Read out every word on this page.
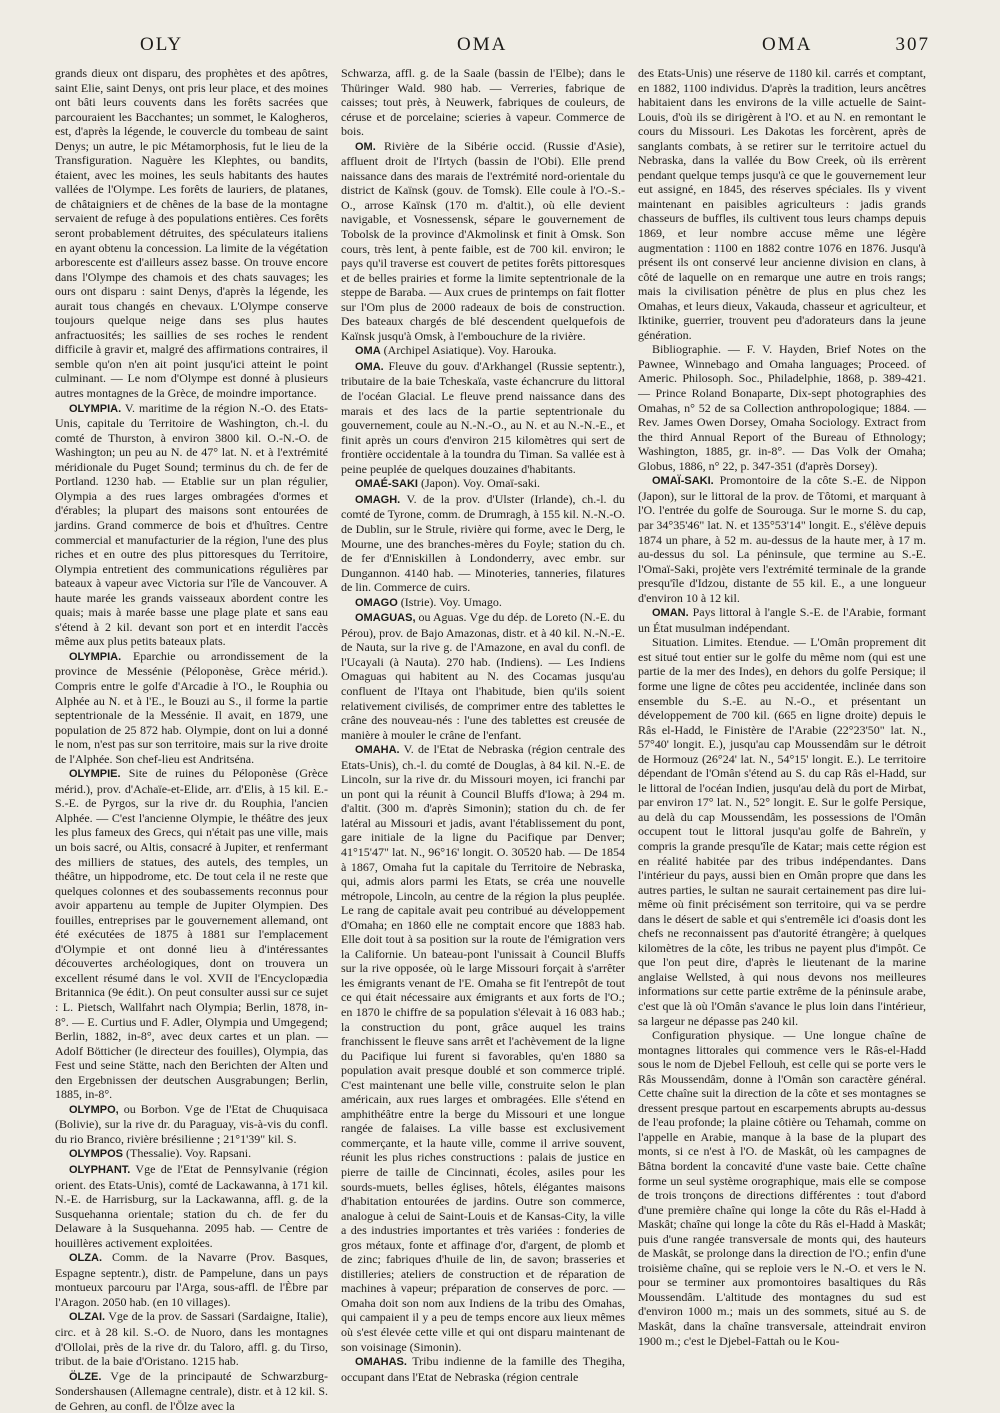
OLY	OMA	OMA	307

grands dieux ont disparu, des prophètes et des apôtres, saint Elie, saint Denys, ont pris leur place, et des moines ont bâti leurs couvents dans les forêts sacrées que parcouraient les Bacchantes; un sommet, le Kalogheros, est, d'après la légende, le couvercle du tombeau de saint Denys; un autre, le pic Métamorphosis, fut le lieu de la Transfiguration. Naguère les Klephtes, ou bandits, étaient, avec les moines, les seuls habitants des hautes vallées de l'Olympe. Les forêts de lauriers, de platanes, de châtaigniers et de chênes de la base de la montagne servaient de refuge à des populations entières. Ces forêts seront probablement détruites, des spéculateurs italiens en ayant obtenu la concession. La limite de la végétation arborescente est d'ailleurs assez basse. On trouve encore dans l'Olympe des chamois et des chats sauvages; les ours ont disparu : saint Denys, d'après la légende, les aurait tous changés en chevaux. L'Olympe conserve toujours quelque neige dans ses plus hautes anfractuosités; les saillies de ses roches le rendent difficile à gravir et, malgré des affirmations contraires, il semble qu'on n'en ait point jusqu'ici atteint le point culminant. — Le nom d'Olympe est donné à plusieurs autres montagnes de la Grèce, de moindre importance.

OLYMPIA. V. maritime de la région N.-O. des Etats-Unis, capitale du Territoire de Washington, ch.-l. du comté de Thurston, à environ 3800 kil. O.-N.-O. de Washington; un peu au N. de 47° lat. N. et à l'extrémité méridionale du Puget Sound; terminus du ch. de fer de Portland. 1230 hab. — Etablie sur un plan régulier, Olympia a des rues larges ombragées d'ormes et d'érables; la plupart des maisons sont entourées de jardins. Grand commerce de bois et d'huîtres. Centre commercial et manufacturier de la région, l'une des plus riches et en outre des plus pittoresques du Territoire, Olympia entretient des communications régulières par bateaux à vapeur avec Victoria sur l'île de Vancouver. A haute marée les grands vaisseaux abordent contre les quais; mais à marée basse une plage plate et sans eau s'étend à 2 kil. devant son port et en interdit l'accès même aux plus petits bateaux plats.

OLYMPIA. Eparchie ou arrondissement de la province de Messénie (Péloponèse, Grèce mérid.). Compris entre le golfe d'Arcadie à l'O., le Rouphia ou Alphée au N. et à l'E., le Bouzi au S., il forme la partie septentrionale de la Messénie. Il avait, en 1879, une population de 25 872 hab. Olympie, dont on lui a donné le nom, n'est pas sur son territoire, mais sur la rive droite de l'Alphée. Son chef-lieu est Andritséna.

OLYMPIE. Site de ruines du Péloponèse (Grèce mérid.), prov. d'Achaïe-et-Elide, arr. d'Elis, à 15 kil. E.-S.-E. de Pyrgos, sur la rive dr. du Rouphia, l'ancien Alphée. — C'est l'ancienne Olympie, le théâtre des jeux les plus fameux des Grecs, qui n'était pas une ville, mais un bois sacré, ou Altis, consacré à Jupiter, et renfermant des milliers de statues, des autels, des temples, un théâtre, un hippodrome, etc. De tout cela il ne reste que quelques colonnes et des soubassements reconnus pour avoir appartenu au temple de Jupiter Olympien. Des fouilles, entreprises par le gouvernement allemand, ont été exécutées de 1875 à 1881 sur l'emplacement d'Olympie et ont donné lieu à d'intéressantes découvertes archéologiques, dont on trouvera un excellent résumé dans le vol. XVII de l'Encyclopædia Britannica (9e édit.). On peut consulter aussi sur ce sujet : L. Pietsch, Wallfahrt nach Olympia; Berlin, 1878, in-8°. — E. Curtius und F. Adler, Olympia und Umgegend; Berlin, 1882, in-8°, avec deux cartes et un plan. — Adolf Bötticher (le directeur des fouilles), Olympia, das Fest und seine Stätte, nach den Berichten der Alten und den Ergebnissen der deutschen Ausgrabungen; Berlin, 1885, in-8°.

OLYMPO, ou Borbon. Vge de l'Etat de Chuquisaca (Bolivie), sur la rive dr. du Paraguay, vis-à-vis du confl. du rio Branco, rivière brésilienne ; 21°1'39" kil. S.

OLYMPOS (Thessalie). Voy. Rapsani.

OLYPHANT. Vge de l'Etat de Pennsylvanie (région orient. des Etats-Unis), comté de Lackawanna, à 171 kil. N.-E. de Harrisburg, sur la Lackawanna, affl. g. de la Susquehanna orientale; station du ch. de fer du Delaware à la Susquehanna. 2095 hab. — Centre de houillères activement exploitées.

OLZA. Comm. de la Navarre (Prov. Basques, Espagne septentr.), distr. de Pampelune, dans un pays montueux parcouru par l'Arga, sous-affl. de l'Èbre par l'Aragon. 2050 hab. (en 10 villages).

OLZAI. Vge de la prov. de Sassari (Sardaigne, Italie), circ. et à 28 kil. S.-O. de Nuoro, dans les montagnes d'Ollolai, près de la rive dr. du Taloro, affl. g. du Tirso, tribut. de la baie d'Oristano. 1215 hab.

ÖLZE. Vge de la principauté de Schwarzburg-Sondershausen (Allemagne centrale), distr. et à 12 kil. S. de Gehren, au confl. de l'Ölze avec la

Schwarza, affl. g. de la Saale (bassin de l'Elbe); dans le Thüringer Wald. 980 hab. — Verreries, fabrique de caisses; tout près, à Neuwerk, fabriques de couleurs, de céruse et de porcelaine; scieries à vapeur. Commerce de bois.

OM. Rivière de la Sibérie occid. (Russie d'Asie), affluent droit de l'Irtych (bassin de l'Obi). Elle prend naissance dans des marais de l'extrémité nord-orientale du district de Kaïnsk (gouv. de Tomsk). Elle coule à l'O.-S.-O., arrose Kaïnsk (170 m. d'altit.), où elle devient navigable, et Vosnessensk, sépare le gouvernement de Tobolsk de la province d'Akmolinsk et finit à Omsk. Son cours, très lent, à pente faible, est de 700 kil. environ; le pays qu'il traverse est couvert de petites forêts pittoresques et de belles prairies et forme la limite septentrionale de la steppe de Baraba. — Aux crues de printemps on fait flotter sur l'Om plus de 2000 radeaux de bois de construction. Des bateaux chargés de blé descendent quelquefois de Kaïnsk jusqu'à Omsk, à l'embouchure de la rivière.

OMA (Archipel Asiatique). Voy. Harouka.

OMA. Fleuve du gouv. d'Arkhangel (Russie septentr.), tributaire de la baie Tcheskaïa, vaste échancrure du littoral de l'océan Glacial. Le fleuve prend naissance dans des marais et des lacs de la partie septentrionale du gouvernement, coule au N.-N.-O., au N. et au N.-N.-E., et finit après un cours d'environ 215 kilomètres qui sert de frontière occidentale à la toundra du Timan. Sa vallée est à peine peuplée de quelques douzaines d'habitants.

OMAÉ-SAKI (Japon). Voy. Omaï-saki.

OMAGH. V. de la prov. d'Ulster (Irlande), ch.-l. du comté de Tyrone, comm. de Drumragh, à 155 kil. N.-N.-O. de Dublin, sur le Strule, rivière qui forme, avec le Derg, le Mourne, une des branches-mères du Foyle; station du ch. de fer d'Enniskillen à Londonderry, avec embr. sur Dungannon. 4140 hab. — Minoteries, tanneries, filatures de lin. Commerce de cuirs.

OMAGO (Istrie). Voy. Umago.

OMAGUAS, ou Aguas. Vge du dép. de Loreto (N.-E. du Pérou), prov. de Bajo Amazonas, distr. et à 40 kil. N.-N.-E. de Nauta, sur la rive g. de l'Amazone, en aval du confl. de l'Ucayali (à Nauta). 270 hab. (Indiens). — Les Indiens Omaguas qui habitent au N. des Cocamas jusqu'au confluent de l'Itaya ont l'habitude, bien qu'ils soient relativement civilisés, de comprimer entre des tablettes le crâne des nouveau-nés : l'une des tablettes est creusée de manière à mouler le crâne de l'enfant.

OMAHA. V. de l'Etat de Nebraska (région centrale des Etats-Unis), ch.-l. du comté de Douglas, à 84 kil. N.-E. de Lincoln, sur la rive dr. du Missouri moyen, ici franchi par un pont qui la réunit à Council Bluffs d'Iowa; à 294 m. d'altit. (300 m. d'après Simonin); station du ch. de fer latéral au Missouri et jadis, avant l'établissement du pont, gare initiale de la ligne du Pacifique par Denver; 41°15'47" lat. N., 96°16' longit. O. 30520 hab. — De 1854 à 1867, Omaha fut la capitale du Territoire de Nebraska, qui, admis alors parmi les Etats, se créa une nouvelle métropole, Lincoln, au centre de la région la plus peuplée. Le rang de capitale avait peu contribué au développement d'Omaha; en 1860 elle ne comptait encore que 1883 hab. Elle doit tout à sa position sur la route de l'émigration vers la Californie. Un bateau-pont l'unissait à Council Bluffs sur la rive opposée, où le large Missouri forçait à s'arrêter les émigrants venant de l'E. Omaha se fit l'entrepôt de tout ce qui était nécessaire aux émigrants et aux forts de l'O.; en 1870 le chiffre de sa population s'élevait à 16 083 hab.; la construction du pont, grâce auquel les trains franchissent le fleuve sans arrêt et l'achèvement de la ligne du Pacifique lui furent si favorables, qu'en 1880 sa population avait presque doublé et son commerce triplé. C'est maintenant une belle ville, construite selon le plan américain, aux rues larges et ombragées. Elle s'étend en amphithéâtre entre la berge du Missouri et une longue rangée de falaises. La ville basse est exclusivement commerçante, et la haute ville, comme il arrive souvent, réunit les plus riches constructions : palais de justice en pierre de taille de Cincinnati, écoles, asiles pour les sourds-muets, belles églises, hôtels, élégantes maisons d'habitation entourées de jardins. Outre son commerce, analogue à celui de Saint-Louis et de Kansas-City, la ville a des industries importantes et très variées : fonderies de gros métaux, fonte et affinage d'or, d'argent, de plomb et de zinc; fabriques d'huile de lin, de savon; brasseries et distilleries; ateliers de construction et de réparation de machines à vapeur; préparation de conserves de porc. — Omaha doit son nom aux Indiens de la tribu des Omahas, qui campaient il y a peu de temps encore aux lieux mêmes où s'est élevée cette ville et qui ont disparu maintenant de son voisinage (Simonin).

OMAHAS. Tribu indienne de la famille des Thegiha, occupant dans l'Etat de Nebraska (région centrale

des Etats-Unis) une réserve de 1180 kil. carrés et comptant, en 1882, 1100 individus. D'après la tradition, leurs ancêtres habitaient dans les environs de la ville actuelle de Saint-Louis, d'où ils se dirigèrent à l'O. et au N. en remontant le cours du Missouri. Les Dakotas les forcèrent, après de sanglants combats, à se retirer sur le territoire actuel du Nebraska, dans la vallée du Bow Creek, où ils errèrent pendant quelque temps jusqu'à ce que le gouvernement leur eut assigné, en 1845, des réserves spéciales. Ils y vivent maintenant en paisibles agriculteurs : jadis grands chasseurs de buffles, ils cultivent tous leurs champs depuis 1869, et leur nombre accuse même une légère augmentation : 1100 en 1882 contre 1076 en 1876. Jusqu'à présent ils ont conservé leur ancienne division en clans, à côté de laquelle on en remarque une autre en trois rangs; mais la civilisation pénètre de plus en plus chez les Omahas, et leurs dieux, Vakauda, chasseur et agriculteur, et Iktinike, guerrier, trouvent peu d'adorateurs dans la jeune génération.

Bibliographie. — F. V. Hayden, Brief Notes on the Pawnee, Winnebago and Omaha languages; Proceed. of Americ. Philosoph. Soc., Philadelphie, 1868, p. 389-421. — Prince Roland Bonaparte, Dix-sept photographies des Omahas, n° 52 de sa Collection anthropologique; 1884. — Rev. James Owen Dorsey, Omaha Sociology. Extract from the third Annual Report of the Bureau of Ethnology; Washington, 1885, gr. in-8°. — Das Volk der Omaha; Globus, 1886, n° 22, p. 347-351 (d'après Dorsey).

OMAÏ-SAKI. Promontoire de la côte S.-E. de Nippon (Japon), sur le littoral de la prov. de Tôtomi, et marquant à l'O. l'entrée du golfe de Sourouga. Sur le morne S. du cap, par 34°35'46" lat. N. et 135°53'14" longit. E., s'élève depuis 1874 un phare, à 52 m. au-dessus de la haute mer, à 17 m. au-dessus du sol. La péninsule, que termine au S.-E. l'Omaï-Saki, projète vers l'extrémité terminale de la grande presqu'île d'Idzou, distante de 55 kil. E., a une longueur d'environ 10 à 12 kil.

OMAN. Pays littoral à l'angle S.-E. de l'Arabie, formant un État musulman indépendant.

Situation. Limites. Etendue. — L'Omân proprement dit est situé tout entier sur le golfe du même nom (qui est une partie de la mer des Indes), en dehors du golfe Persique; il forme une ligne de côtes peu accidentée, inclinée dans son ensemble du S.-E. au N.-O., et présentant un développement de 700 kil. (665 en ligne droite) depuis le Râs el-Hadd, le Finistère de l'Arabie (22°23'50" lat. N., 57°40' longit. E.), jusqu'au cap Moussendâm sur le détroit de Hormouz (26°24' lat. N., 54°15' longit. E.). Le territoire dépendant de l'Omân s'étend au S. du cap Râs el-Hadd, sur le littoral de l'océan Indien, jusqu'au delà du port de Mirbat, par environ 17° lat. N., 52° longit. E. Sur le golfe Persique, au delà du cap Moussendâm, les possessions de l'Omân occupent tout le littoral jusqu'au golfe de Bahreïn, y compris la grande presqu'île de Katar; mais cette région est en réalité habitée par des tribus indépendantes. Dans l'intérieur du pays, aussi bien en Omân propre que dans les autres parties, le sultan ne saurait certainement pas dire lui-même où finit précisément son territoire, qui va se perdre dans le désert de sable et qui s'entremêle ici d'oasis dont les chefs ne reconnaissent pas d'autorité étrangère; à quelques kilomètres de la côte, les tribus ne payent plus d'impôt. Ce que l'on peut dire, d'après le lieutenant de la marine anglaise Wellsted, à qui nous devons nos meilleures informations sur cette partie extrême de la péninsule arabe, c'est que là où l'Omân s'avance le plus loin dans l'intérieur, sa largeur ne dépasse pas 240 kil.

Configuration physique. — Une longue chaîne de montagnes littorales qui commence vers le Râs-el-Hadd sous le nom de Djebel Fellouh, est celle qui se porte vers le Râs Moussendâm, donne à l'Omân son caractère général. Cette chaîne suit la direction de la côte et ses montagnes se dressent presque partout en escarpements abrupts au-dessus de l'eau profonde; la plaine côtière ou Tehamah, comme on l'appelle en Arabie, manque à la base de la plupart des monts, si ce n'est à l'O. de Maskât, où les campagnes de Bâtna bordent la concavité d'une vaste baie. Cette chaîne forme un seul système orographique, mais elle se compose de trois tronçons de directions différentes : tout d'abord d'une première chaîne qui longe la côte du Râs el-Hadd à Maskât; chaîne qui longe la côte du Râs el-Hadd à Maskât; puis d'une rangée transversale de monts qui, des hauteurs de Maskât, se prolonge dans la direction de l'O.; enfin d'une troisième chaîne, qui se reploie vers le N.-O. et vers le N. pour se terminer aux promontoires basaltiques du Râs Moussendâm. L'altitude des montagnes du sud est d'environ 1000 m.; mais un des sommets, situé au S. de Maskât, dans la chaîne transversale, atteindrait environ 1900 m.; c'est le Djebel-Fattah ou le Kou-
